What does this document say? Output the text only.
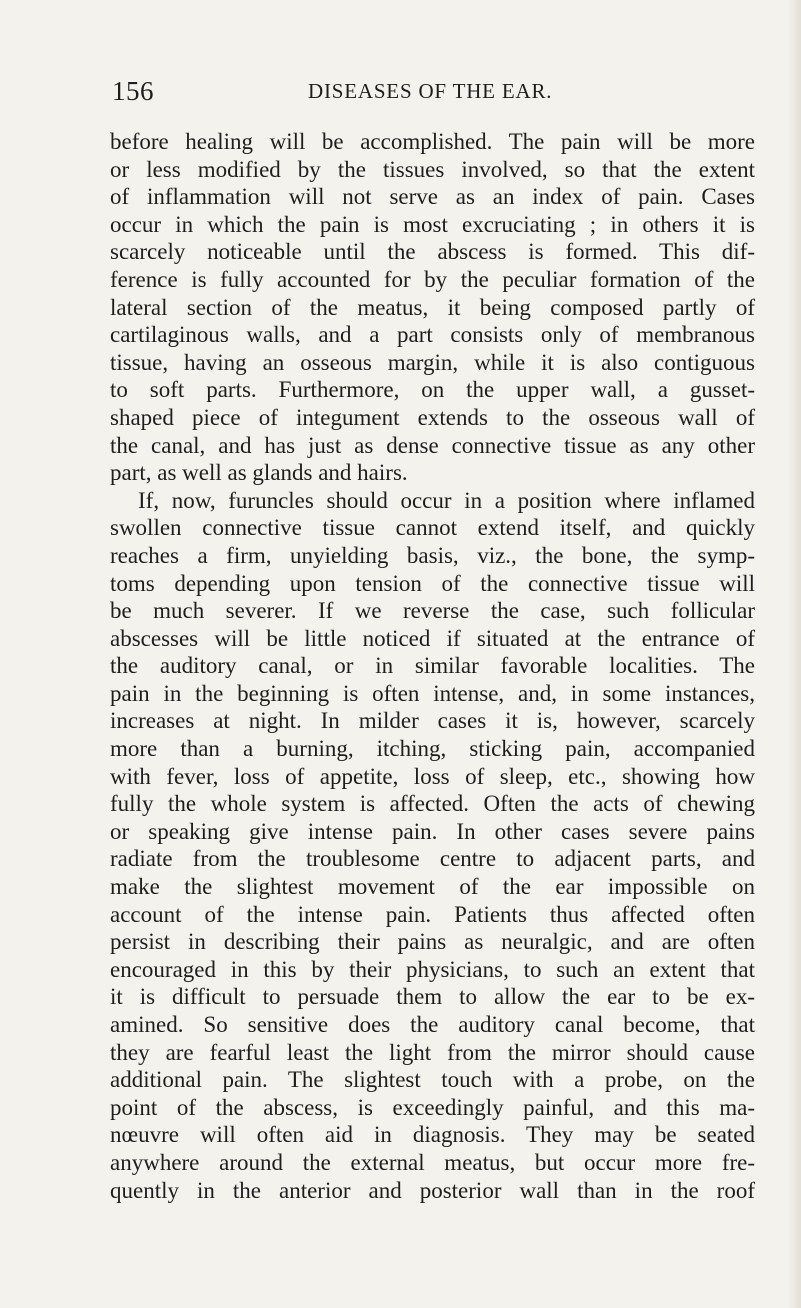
156	DISEASES OF THE EAR.
before healing will be accomplished. The pain will be more
or less modified by the tissues involved, so that the extent
of inflammation will not serve as an index of pain. Cases
occur in which the pain is most excruciating ; in others it is
scarcely noticeable until the abscess is formed. This dif-
ference is fully accounted for by the peculiar formation of the
lateral section of the meatus, it being composed partly of
cartilaginous walls, and a part consists only of membranous
tissue, having an osseous margin, while it is also contiguous
to soft parts. Furthermore, on the upper wall, a gusset-
shaped piece of integument extends to the osseous wall of
the canal, and has just as dense connective tissue as any other
part, as well as glands and hairs.
If, now, furuncles should occur in a position where inflamed
swollen connective tissue cannot extend itself, and quickly
reaches a firm, unyielding basis, viz., the bone, the symp-
toms depending upon tension of the connective tissue will
be much severer. If we reverse the case, such follicular
abscesses will be little noticed if situated at the entrance of
the auditory canal, or in similar favorable localities. The
pain in the beginning is often intense, and, in some instances,
increases at night. In milder cases it is, however, scarcely
more than a burning, itching, sticking pain, accompanied
with fever, loss of appetite, loss of sleep, etc., showing how
fully the whole system is affected. Often the acts of chewing
or speaking give intense pain. In other cases severe pains
radiate from the troublesome centre to adjacent parts, and
make the slightest movement of the ear impossible on
account of the intense pain. Patients thus affected often
persist in describing their pains as neuralgic, and are often
encouraged in this by their physicians, to such an extent that
it is difficult to persuade them to allow the ear to be ex-
amined. So sensitive does the auditory canal become, that
they are fearful least the light from the mirror should cause
additional pain. The slightest touch with a probe, on the
point of the abscess, is exceedingly painful, and this ma-
nœuvre will often aid in diagnosis. They may be seated
anywhere around the external meatus, but occur more fre-
quently in the anterior and posterior wall than in the roof
